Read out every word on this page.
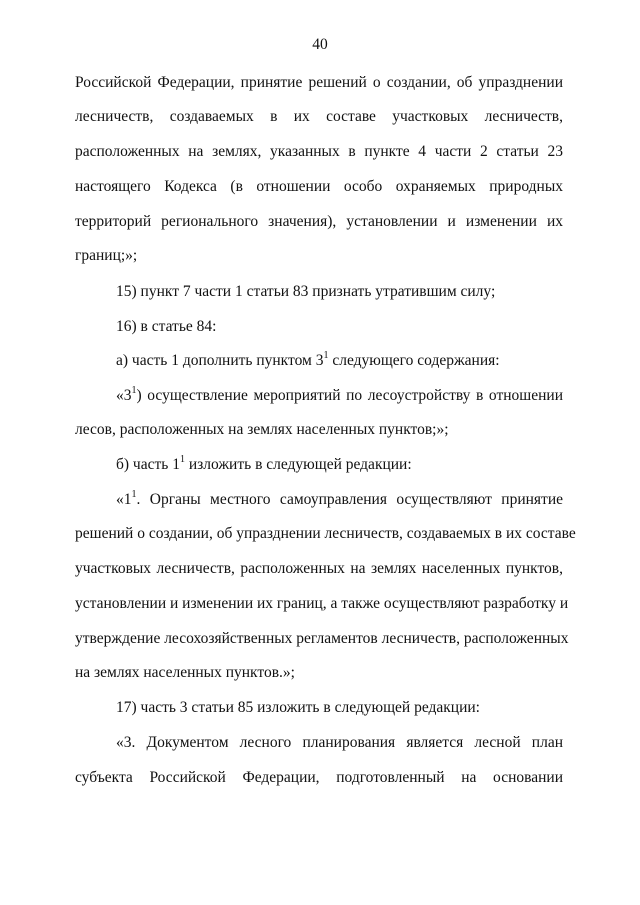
40
Российской Федерации, принятие решений о создании, об упразднении
лесничеств, создаваемых в их составе участковых лесничеств,
расположенных на землях, указанных в пункте 4 части 2 статьи 23
настоящего Кодекса (в отношении особо охраняемых природных
территорий регионального значения), установлении и изменении их
границ;»;
15) пункт 7 части 1 статьи 83 признать утратившим силу;
16) в статье 84:
а) часть 1 дополнить пунктом $3^1$ следующего содержания:
«$3^1$) осуществление мероприятий по лесоустройству в отношении
лесов, расположенных на землях населенных пунктов;»;
б) часть $1^1$ изложить в следующей редакции:
«$1^1$. Органы местного самоуправления осуществляют принятие
решений о создании, об упразднении лесничеств, создаваемых в их составе
участковых лесничеств, расположенных на землях населенных пунктов,
установлении и изменении их границ, а также осуществляют разработку и
утверждение лесохозяйственных регламентов лесничеств, расположенных
на землях населенных пунктов.»;
17) часть 3 статьи 85 изложить в следующей редакции:
«3. Документом лесного планирования является лесной план
субъекта Российской Федерации, подготовленный на основании
